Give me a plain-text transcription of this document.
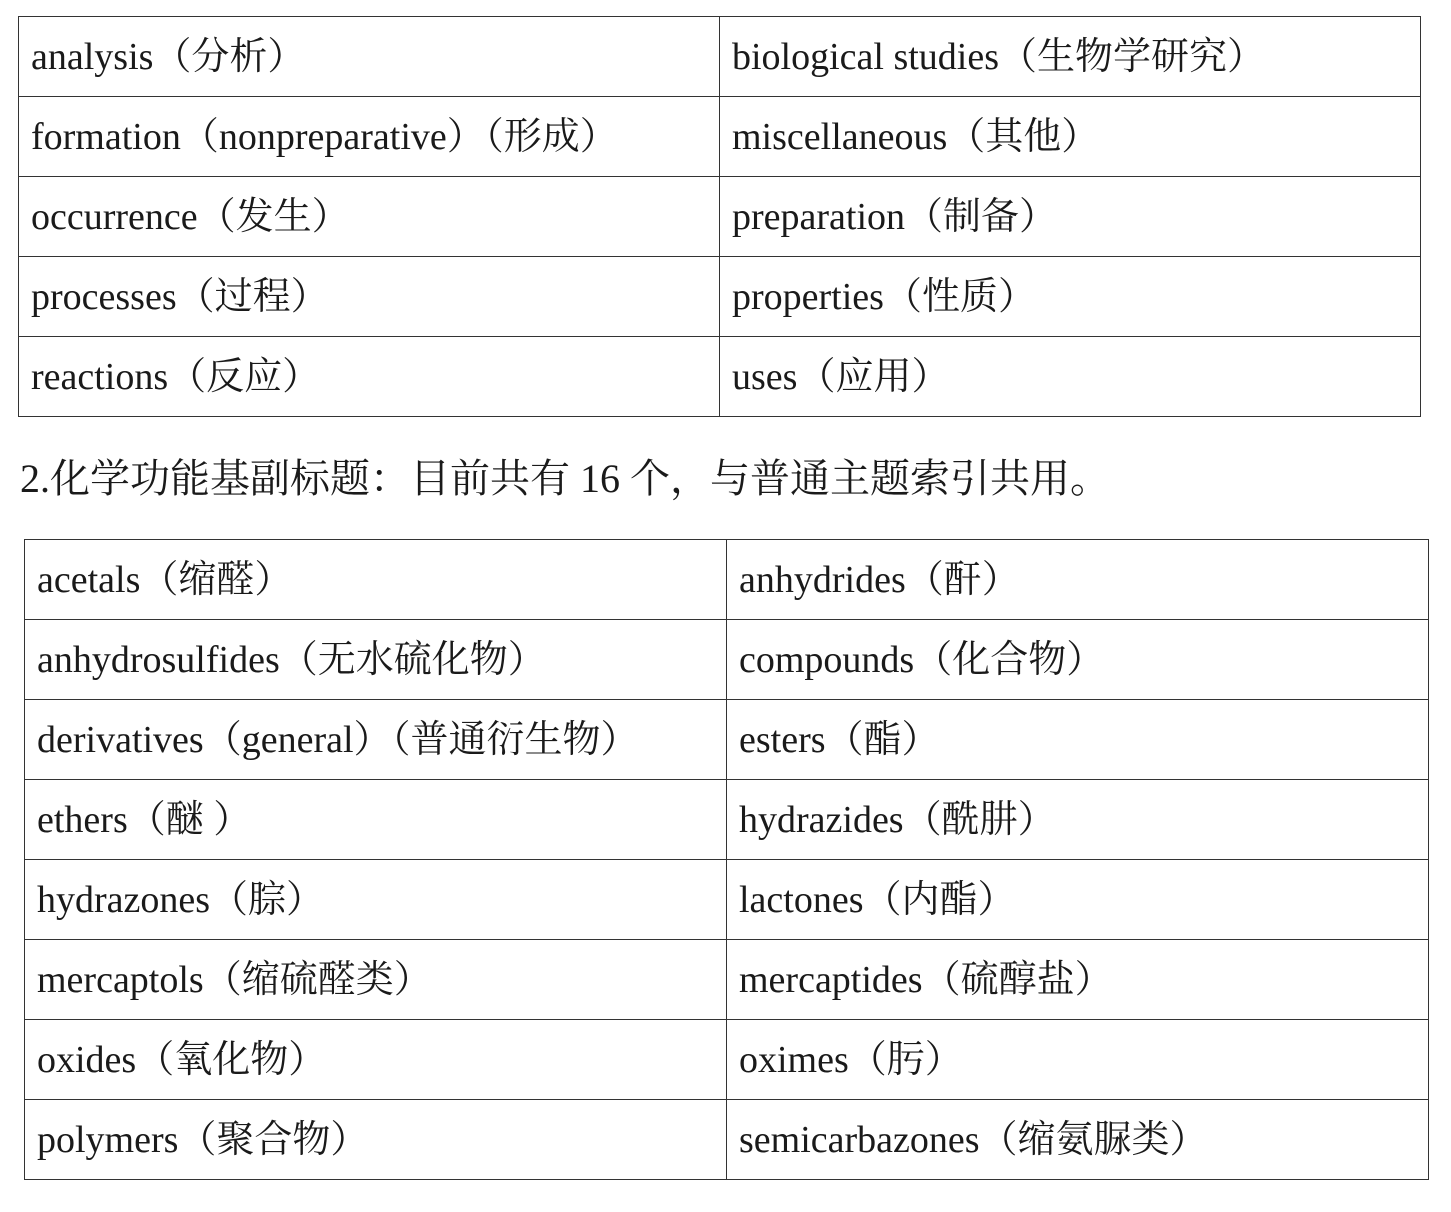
analysis（分析）	biological studies（生物学研究）
formation（nonpreparative）（形成）	miscellaneous（其他）
occurrence（发生）	preparation（制备）
processes（过程）	properties（性质）
reactions（反应）	uses（应用）
2.化学功能基副标题：目前共有 16 个，与普通主题索引共用。
acetals（缩醛）	anhydrides（酐）
anhydrosulfides（无水硫化物）	compounds（化合物）
derivatives（general）（普通衍生物）	esters（酯）
ethers（醚 ）	hydrazides（酰肼）
hydrazones（腙）	lactones（内酯）
mercaptols（缩硫醛类）	mercaptides（硫醇盐）
oxides（氧化物）	oximes（肟）
polymers（聚合物）	semicarbazones（缩氨脲类）
